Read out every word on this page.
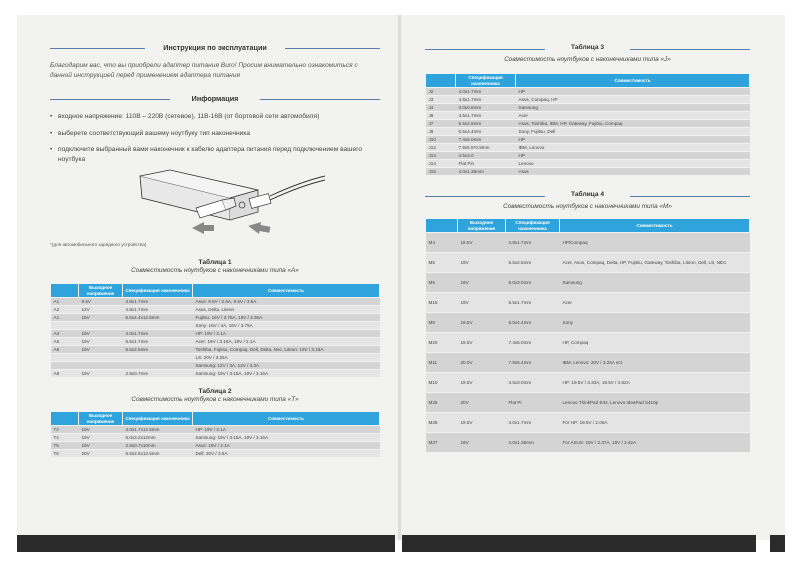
Инструкция по эксплуатации
Благодарим вас, что вы приобрели адаптер питания Buro! Просим внимательно ознакомиться с данной инструкцией перед применением адаптера питания
Информация
• входное напряжение: 110В – 220В (сетевое), 11В-16В (от бортовой сети автомобиля)
• выберете соответствующий вашему ноутбуку тип наконечника
• подключите выбранный вами наконечник к кабелю адаптера питания перед подключением вашего ноутбука
*(для автомобильного зарядного устройства)
Таблица 1
Совместимость ноутбуков с наконечниками типа «A»
	Выходное напряжение	Спецификация наконечника	Совместимость
A1	9.5V	4.8x1.7mm	Asus: 9.5V / 2.5A, 9.5V / 3.5A
A2	12V	4.8x1.7mm	Asus, Delta, Liteon
A1	16V	6.5x4.4x12.5mm	Fujitsu: 16V / 3.75A, 16V / 3.36A
			Sony: 16V / 4A, 16V / 3.75A
A4	19V	4.0x1.7mm	HP: 19V / 2.1A
A5	19V	5.5x1.7mm	Acer: 19V / 3.16A, 19V / 2.1A
A6	19V	5.5x2.5mm	Toshiba, Fujitsu, Compaq, Dell, Delta, Nec, Liteon: 19V / 3.16A
			LS: 20V / 3.25A
			Samsung: 12V / 3A, 12V / 3.3A
A8	19V	2.5x0.7mm	Samsung: 19V / 3.15A, 19V / 3.16A
Таблица 2
Совместимость ноутбуков с наконечниками типа «T»
	Выходное напряжение	Спецификация наконечника	Совместимость
T2	19V	4.0x1.7x12.5mm	HP: 19V / 2.1A
T4	19V	5.0x3.2x12mm	Samsung: 19V / 3.15A, 19V / 3.16A
T5	19V	2.5x0.7x10mm	Asus: 19V / 2.1A
T6	20V	5.5x2.5x12.5mm	Dell: 20V / 3.5A
Таблица 3
Совместимость ноутбуков с наконечниками типа «J»
	Спецификация наконечника	Совместимость
J2	4.0x1.7mm	HP
J3	4.8x1.7mm	Asus, Compaq, HP
J4	3.0x0.8mm	Samsung
J6	3.5x1.7mm	Acer
J7	5.5x2.5mm	Asus, Toshiba, IBM, HP, Gateway, Fujitsu, Compaq
J9	6.5x4.4mm	Sony, Fujitsu, Dell
J10	7.4x5.0mm	HP
J12	7.9x5.5*0.9mm	IBM, Lenovo
J13	4.5x3.0	HP
J14	Flat Pin	Lenovo
J15	4.0x1.35mm	Asus
Таблица 4
Совместимость ноутбуков с наконечниками типа «M»
	Выходное напряжение	Спецификация наконечника	Совместимость
M4	18.5V	4.8x1.7mm	HP/Compaq
M5	19V	5.5x2.5mm	Acer, Asus, Compaq, Delta, HP, Fujitsu, Gateway, Toshiba, Liteon, Dell, LS, NEC
M6	19V	5.0x3.0mm	Samsung
M15	19V	5.5x1.7mm	Acer
M8	19.5V	6.5x4.4mm	Sony
M20	18.5V	7.4x5.0mm	HP, Compaq
M11	20.0V	7.9x5.4mm	IBM, Lenovo: 20V / 3.25A ect.
M10	19.5V	4.5x3.0mm	HP: 19.5V / 3.33A, 19.5V / 4.62A
M25	20V	Flat Pi	Lenovo ThinkPad E34, Lenovo IdeaPad S410p
M28	19.5V	4.0x1.7mm	For HP: 19.5V / 2.05A
M27	19V	4.0x1.35mm	For ASUS: 19V / 2.37A, 19V / 3.42A
